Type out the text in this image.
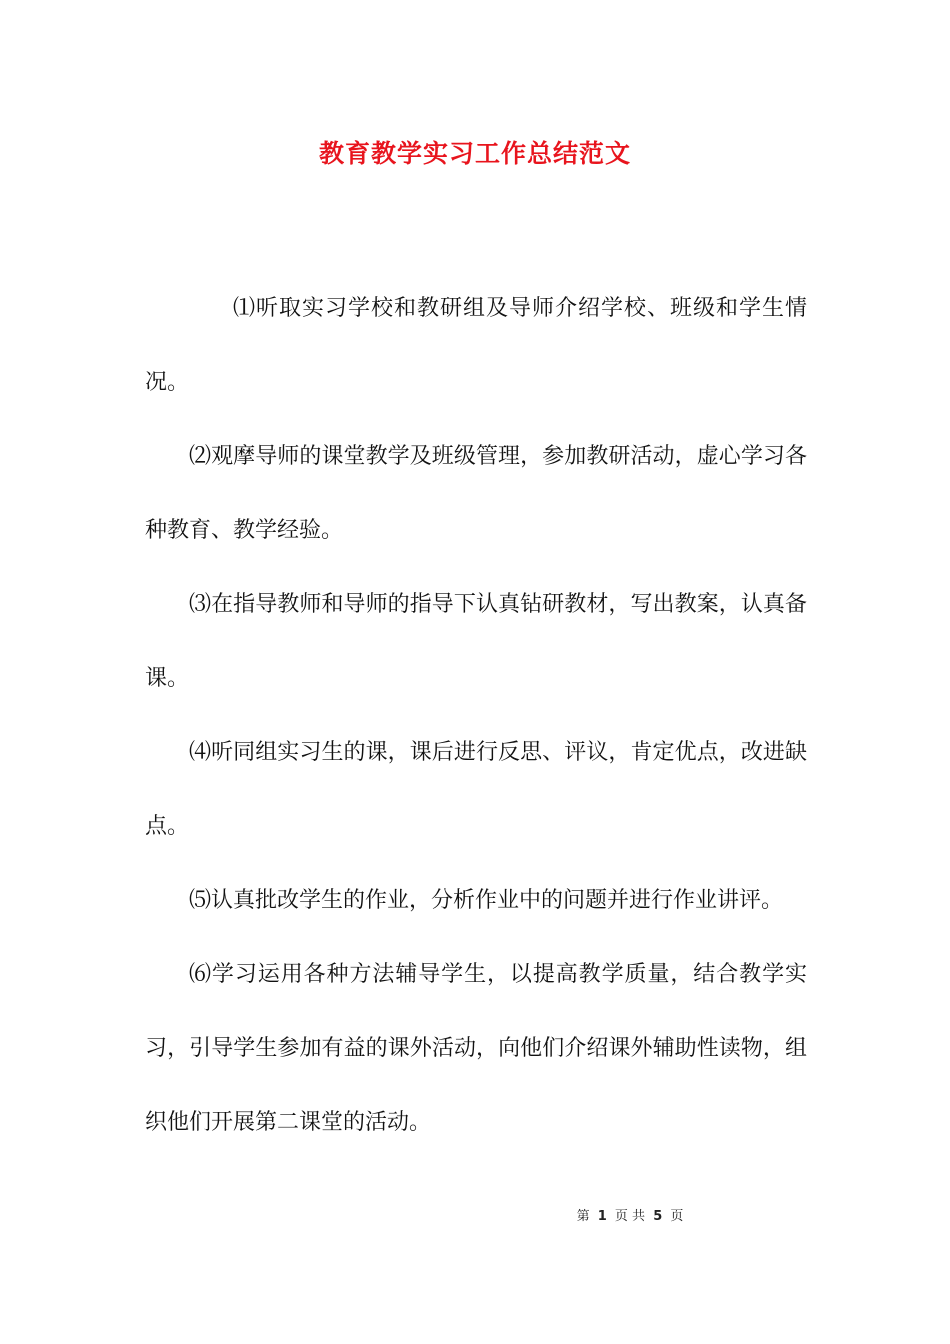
教育教学实习工作总结范文

⑴听取实习学校和教研组及导师介绍学校、班级和学生情况。

⑵观摩导师的课堂教学及班级管理，参加教研活动，虚心学习各种教育、教学经验。

⑶在指导教师和导师的指导下认真钻研教材，写出教案，认真备课。

⑷听同组实习生的课，课后进行反思、评议，肯定优点，改进缺点。

⑸认真批改学生的作业，分析作业中的问题并进行作业讲评。

⑹学习运用各种方法辅导学生，以提高教学质量，结合教学实习，引导学生参加有益的课外活动，向他们介绍课外辅助性读物，组织他们开展第二课堂的活动。

第 1 页 共 5 页
